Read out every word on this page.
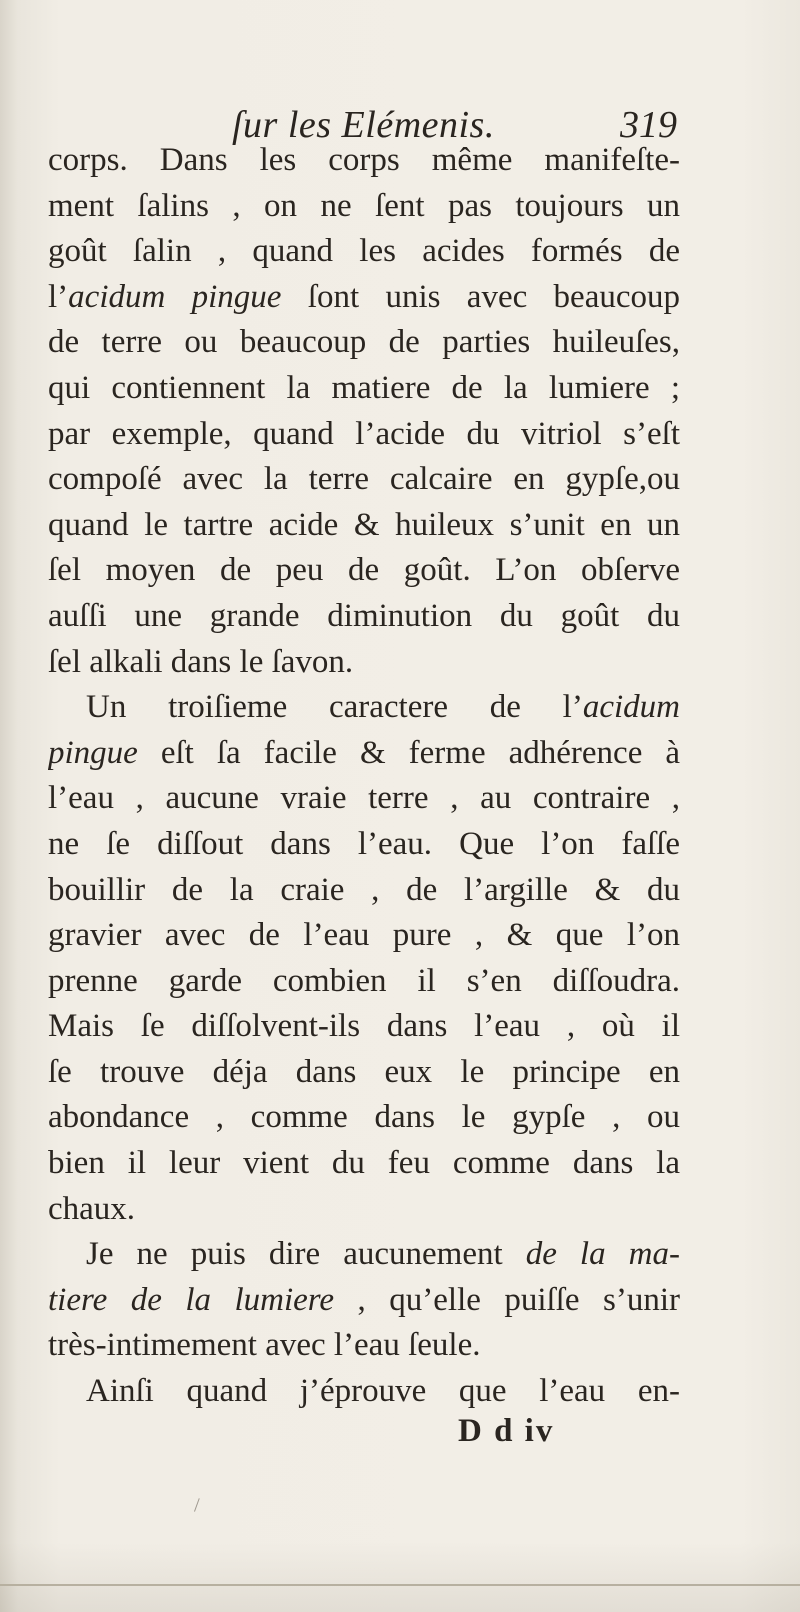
ſur les Elémenis.	319
corps. Dans les corps même manifeſte-
ment ſalins , on ne ſent pas toujours un
goût ſalin , quand les acides formés de
l’acidum pingue ſont unis avec beaucoup
de terre ou beaucoup de parties huileuſes,
qui contiennent la matiere de la lumiere ;
par exemple, quand l’acide du vitriol s’eſt
compoſé avec la terre calcaire en gypſe,ou
quand le tartre acide & huileux s’unit en un
ſel moyen de peu de goût. L’on obſerve
auſſi une grande diminution du goût du
ſel alkali dans le ſavon.
Un troiſieme caractere de l’acidum
pingue eſt ſa facile & ferme adhérence à
l’eau , aucune vraie terre , au contraire ,
ne ſe diſſout dans l’eau. Que l’on faſſe
bouillir de la craie , de l’argille & du
gravier avec de l’eau pure , & que l’on
prenne garde combien il s’en diſſoudra.
Mais ſe diſſolvent-ils dans l’eau , où il
ſe trouve déja dans eux le principe en
abondance , comme dans le gypſe , ou
bien il leur vient du feu comme dans la
chaux.
Je ne puis dire aucunement de la ma-
tiere de la lumiere , qu’elle puiſſe s’unir
très-intimement avec l’eau ſeule.
Ainſi quand j’éprouve que l’eau en-
D d iv
